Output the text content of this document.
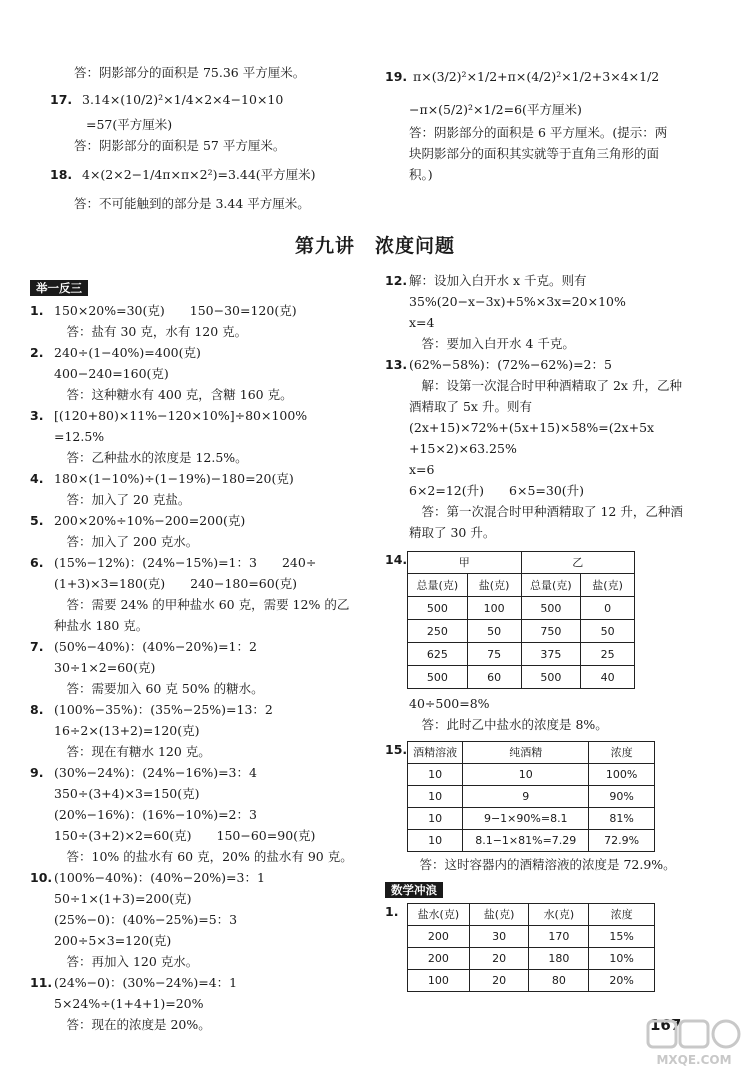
答：阴影部分的面积是 75.36 平方厘米。
17. 3.14×(10/2)²×1/4×2×4−10×10
=57(平方厘米)
答：阴影部分的面积是 57 平方厘米。
18. 4×(2×2−1/4π×π×2²)=3.44(平方厘米)
答：不可能触到的部分是 3.44 平方厘米。
19. π×(3/2)²×1/2+π×(4/2)²×1/2+3×4×1/2
−π×(5/2)²×1/2=6(平方厘米)
答：阴影部分的面积是 6 平方厘米。(提示：两
块阴影部分的面积其实就等于直角三角形的面
积。)
第九讲　浓度问题
举一反三
1. 150×20%=30(克)　　150−30=120(克)
　答：盐有 30 克，水有 120 克。
2. 240÷(1−40%)=400(克)
400−240=160(克)
　答：这种糖水有 400 克，含糖 160 克。
3. [(120+80)×11%−120×10%]÷80×100%
=12.5%
　答：乙种盐水的浓度是 12.5%。
4. 180×(1−10%)÷(1−19%)−180=20(克)
　答：加入了 20 克盐。
5. 200×20%÷10%−200=200(克)
　答：加入了 200 克水。
6. (15%−12%)：(24%−15%)=1：3　　240÷
(1+3)×3=180(克)　　240−180=60(克)
　答：需要 24% 的甲种盐水 60 克，需要 12% 的乙
种盐水 180 克。
7. (50%−40%)：(40%−20%)=1：2
30÷1×2=60(克)
　答：需要加入 60 克 50% 的糖水。
8. (100%−35%)：(35%−25%)=13：2
16÷2×(13+2)=120(克)
　答：现在有糖水 120 克。
9. (30%−24%)：(24%−16%)=3：4
350÷(3+4)×3=150(克)
(20%−16%)：(16%−10%)=2：3
150÷(3+2)×2=60(克)　　150−60=90(克)
　答：10% 的盐水有 60 克，20% 的盐水有 90 克。
10. (100%−40%)：(40%−20%)=3：1
50÷1×(1+3)=200(克)
(25%−0)：(40%−25%)=5：3
200÷5×3=120(克)
　答：再加入 120 克水。
11. (24%−0)：(30%−24%)=4：1
5×24%÷(1+4+1)=20%
　答：现在的浓度是 20%。
12. 解：设加入白开水 x 千克。则有
35%(20−x−3x)+5%×3x=20×10%
x=4
　答：要加入白开水 4 千克。
13. (62%−58%)：(72%−62%)=2：5
　解：设第一次混合时甲种酒精取了 2x 升，乙种
酒精取了 5x 升。则有
(2x+15)×72%+(5x+15)×58%=(2x+5x
+15×2)×63.25%
x=6
6×2=12(升)　　6×5=30(升)
　答：第一次混合时甲种酒精取了 12 升，乙种酒
精取了 30 升。
14.	甲		乙	
总量(克)	盐(克)	总量(克)	盐(克)
500	100	500	0
250	50	750	50
625	75	375	25
500	60	500	40
40÷500=8%
　答：此时乙中盐水的浓度是 8%。
15. 酒精溶液	纯酒精	浓度
10	10	100%
10	9	90%
10	9−1×90%=8.1	81%
10	8.1−1×81%=7.29	72.9%
　答：这时容器内的酒精溶液的浓度是 72.9%。
数学冲浪
1. 盐水(克)	盐(克)	水(克)	浓度
200	30	170	15%
200	20	180	10%
100	20	80	20%
167
MXQE.COM
